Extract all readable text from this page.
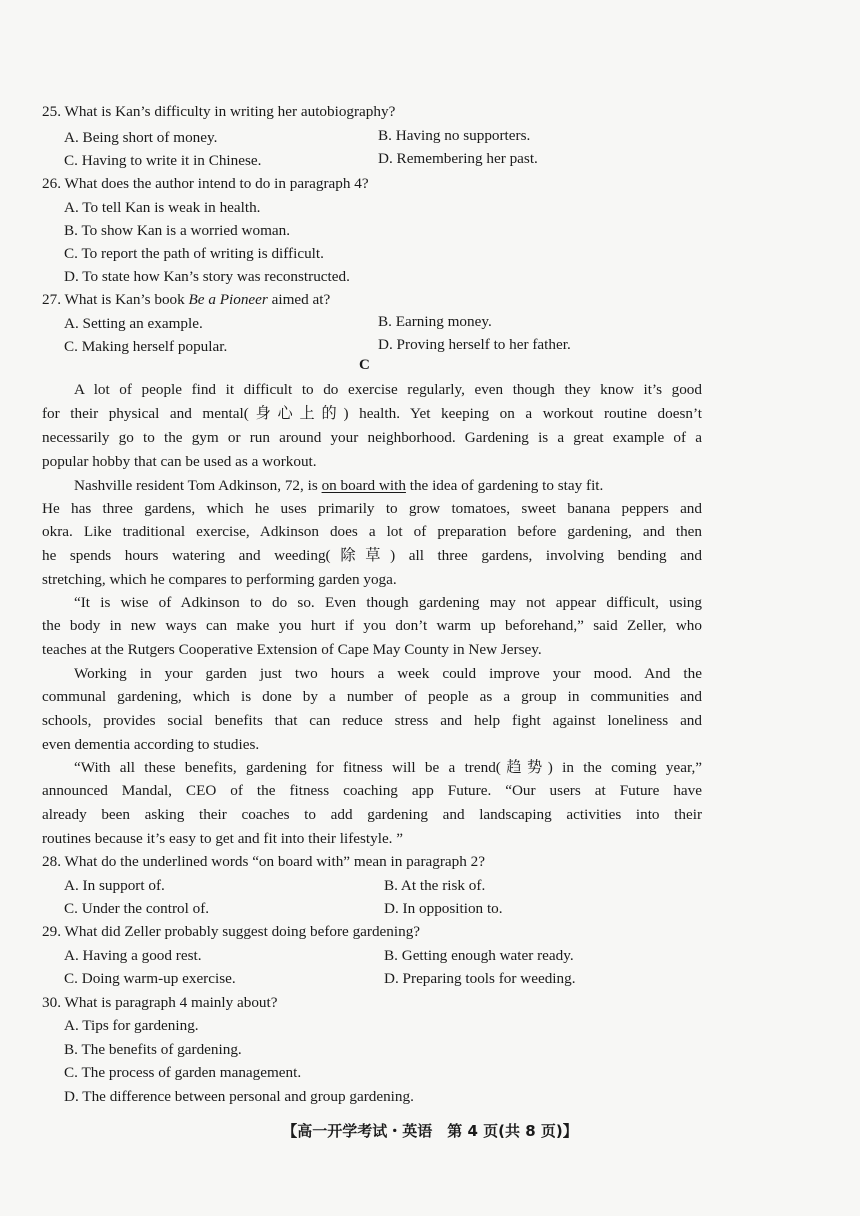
25. What is Kan’s difficulty in writing her autobiography?
A. Being short of money.	B. Having no supporters.
C. Having to write it in Chinese.	D. Remembering her past.
26. What does the author intend to do in paragraph 4?
A. To tell Kan is weak in health.
B. To show Kan is a worried woman.
C. To report the path of writing is difficult.
D. To state how Kan’s story was reconstructed.
27. What is Kan’s book Be a Pioneer aimed at?
A. Setting an example.	B. Earning money.
C. Making herself popular.	D. Proving herself to her father.
C
A lot of people find it difficult to do exercise regularly, even though they know it’s good
for their physical and mental(身心上的) health. Yet keeping on a workout routine doesn’t
necessarily go to the gym or run around your neighborhood. Gardening is a great example of a
popular hobby that can be used as a workout.
Nashville resident Tom Adkinson, 72, is on board with the idea of gardening to stay fit.
He has three gardens, which he uses primarily to grow tomatoes, sweet banana peppers and
okra. Like traditional exercise, Adkinson does a lot of preparation before gardening, and then
he spends hours watering and weeding(除草) all three gardens, involving bending and
stretching, which he compares to performing garden yoga.
“It is wise of Adkinson to do so. Even though gardening may not appear difficult, using
the body in new ways can make you hurt if you don’t warm up beforehand,” said Zeller, who
teaches at the Rutgers Cooperative Extension of Cape May County in New Jersey.
Working in your garden just two hours a week could improve your mood. And the
communal gardening, which is done by a number of people as a group in communities and
schools, provides social benefits that can reduce stress and help fight against loneliness and
even dementia according to studies.
“With all these benefits, gardening for fitness will be a trend(趋势) in the coming year,”
announced Mandal, CEO of the fitness coaching app Future. “Our users at Future have
already been asking their coaches to add gardening and landscaping activities into their
routines because it’s easy to get and fit into their lifestyle. ”
28. What do the underlined words “on board with” mean in paragraph 2?
A. In support of.	B. At the risk of.
C. Under the control of.	D. In opposition to.
29. What did Zeller probably suggest doing before gardening?
A. Having a good rest.	B. Getting enough water ready.
C. Doing warm-up exercise.	D. Preparing tools for weeding.
30. What is paragraph 4 mainly about?
A. Tips for gardening.
B. The benefits of gardening.
C. The process of garden management.
D. The difference between personal and group gardening.
【高一开学考试・英语　第 4 页(共 8 页)】
